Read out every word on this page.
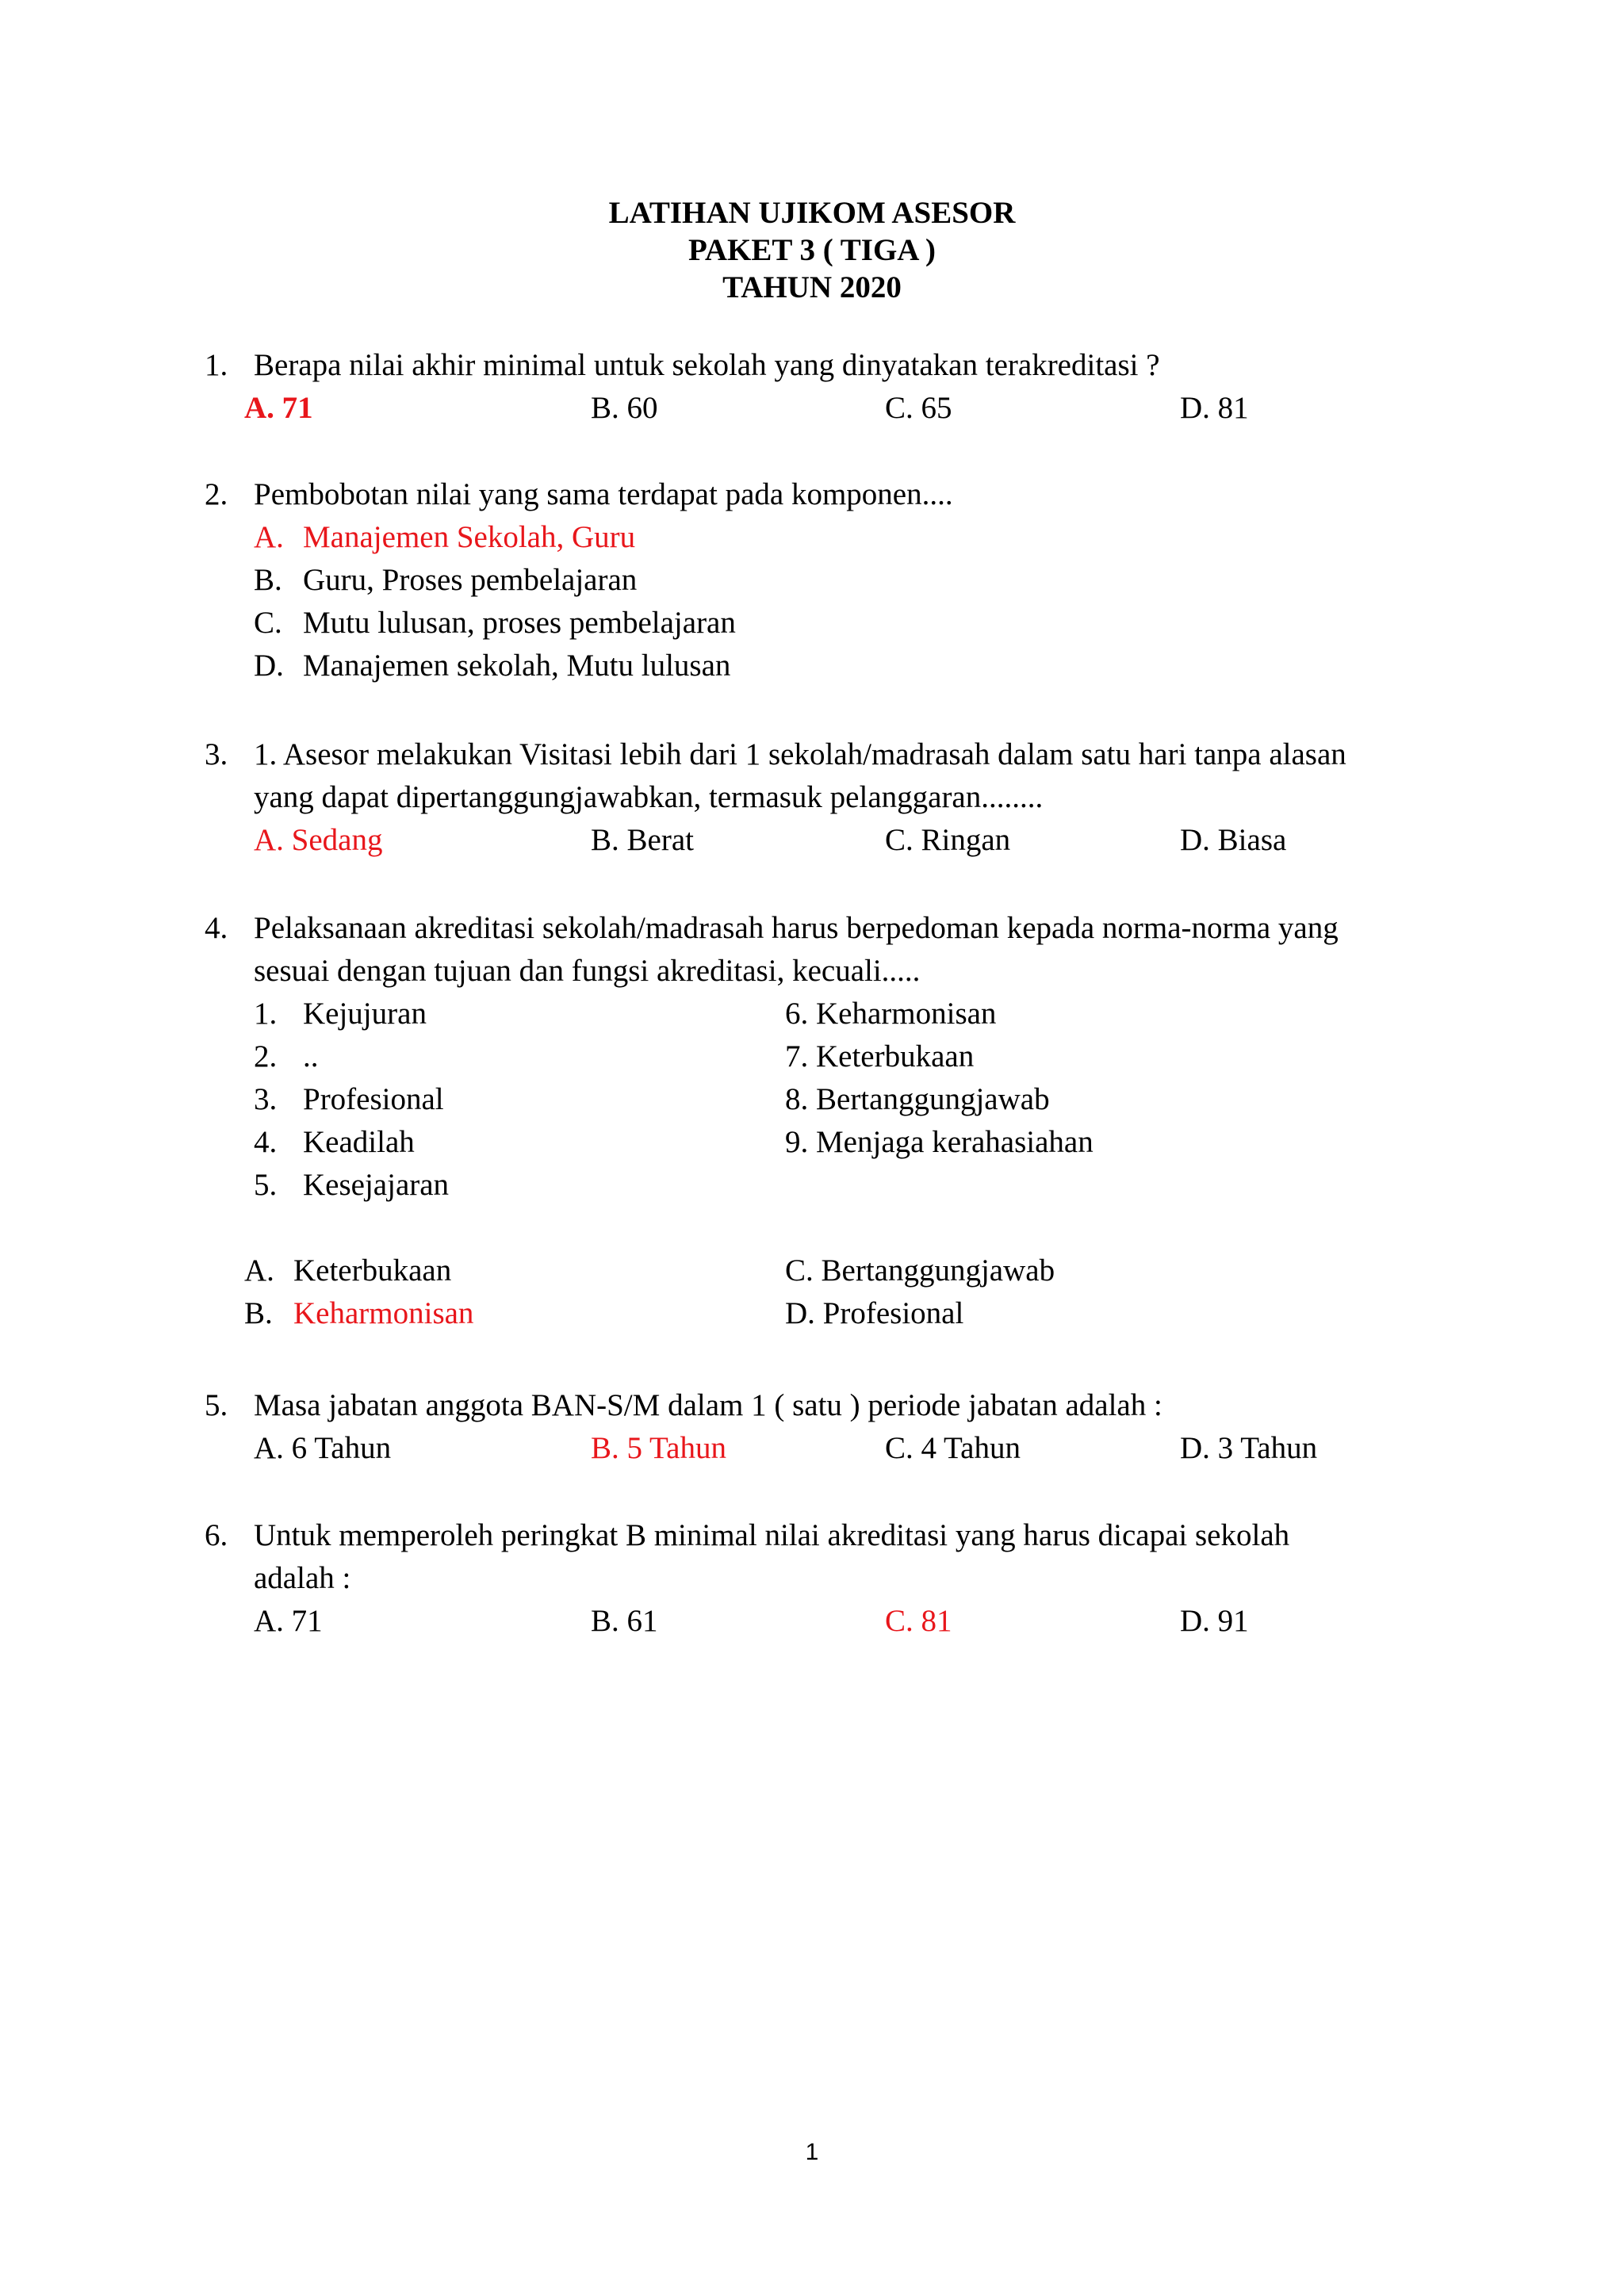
LATIHAN UJIKOM ASESOR
PAKET 3 ( TIGA )
TAHUN 2020
1. Berapa nilai akhir minimal untuk sekolah yang dinyatakan terakreditasi ?
A. 71	B. 60	C. 65	D. 81
2. Pembobotan nilai yang sama terdapat pada komponen....
A. Manajemen Sekolah, Guru
B. Guru, Proses pembelajaran
C. Mutu lulusan, proses pembelajaran
D. Manajemen sekolah, Mutu lulusan
3. 1. Asesor melakukan Visitasi lebih dari 1 sekolah/madrasah dalam satu hari tanpa alasan
yang dapat dipertanggungjawabkan, termasuk pelanggaran........
A. Sedang	B. Berat	C. Ringan	D. Biasa
4. Pelaksanaan akreditasi sekolah/madrasah harus berpedoman kepada norma-norma yang
sesuai dengan tujuan dan fungsi akreditasi, kecuali.....
1. Kejujuran	6. Keharmonisan
2. ..	7. Keterbukaan
3. Profesional	8. Bertanggungjawab
4. Keadilah	9. Menjaga kerahasiahan
5. Kesejajaran
A. Keterbukaan	C. Bertanggungjawab
B. Keharmonisan	D. Profesional
5. Masa jabatan anggota BAN-S/M dalam 1 ( satu ) periode jabatan adalah :
A. 6 Tahun	B. 5 Tahun	C. 4 Tahun	D. 3 Tahun
6. Untuk memperoleh peringkat B minimal nilai akreditasi yang harus dicapai sekolah
adalah :
A. 71	B. 61	C. 81	D. 91
1
